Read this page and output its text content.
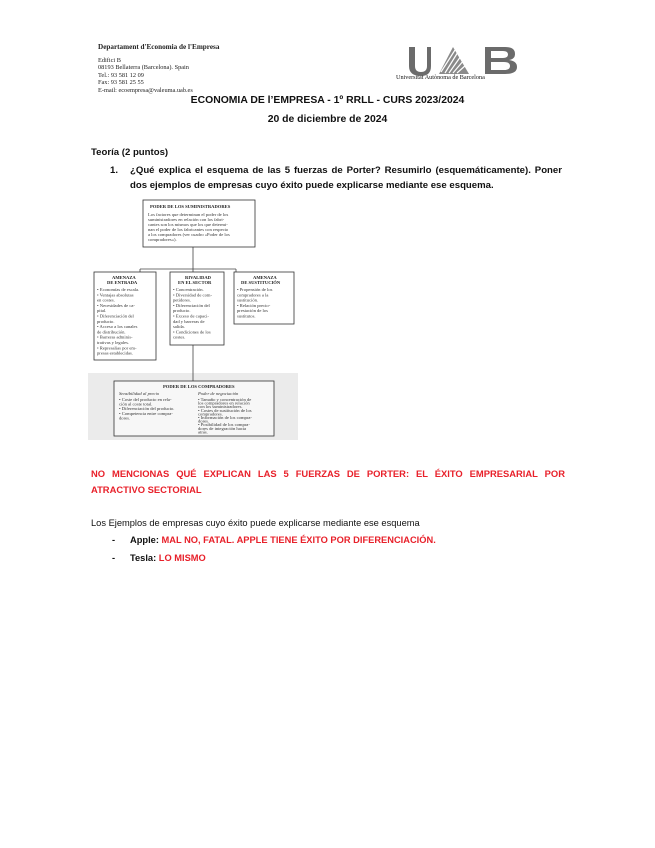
Departament d'Economia de l'Empresa
Edifici B
08193 Bellaterra (Barcelona). Spain
Tel.: 93 581 12 09
Fax: 93 581 25 55
E-mail: ecoempresa@valeuma.uab.es
Universitat Autònoma de Barcelona
ECONOMIA DE l’EMPRESA - 1º RRLL - CURS 2023/2024
20 de diciembre de 2024
Teoría (2 puntos)
1. ¿Qué explica el esquema de las 5 fuerzas de Porter? Resumirlo (esquemáticamente). Poner dos ejemplos de empresas cuyo éxito puede explicarse mediante ese esquema.
PODER DE LOS SUMINISTRADORES
Los factores que determinan el poder de los
suministradores en relación con los fabri-
cantes son los mismos que los que determi-
nan el poder de los fabricantes con respecto
a los compradores (ver cuadro «Poder de los
compradores»).
AMENAZA
DE ENTRADA
• Economías de escala.
• Ventajas absolutas
en costes.
• Necesidades de ca-
pital.
• Diferenciación del
producto.
• Acceso a los canales
de distribución.
• Barreras adminis-
trativas y legales.
• Represalias por em-
presas establecidas.
RIVALIDAD
EN EL SECTOR
• Concentración.
• Diversidad de com-
petidores.
• Diferenciación del
producto.
• Exceso de capaci-
dad y barreras de
salida.
• Condiciones de los
costes.
AMENAZA
DE SUSTITUCIÓN
• Propensión de los
compradores a la
sustitución.
• Relación precio-
prestación de los
sustitutos.
PODER DE LOS COMPRADORES
Sensibilidad al precio	Poder de negociación
• Coste del producto en rela-
ción al coste total.
• Diferenciación del producto.
• Competencia entre compra-
dores.
• Tamaño y concentración de
los compradores en relación
con los suministradores.
• Costes de sustitución de los
compradores.
• Información de los compra-
dores.
• Posibilidad de los compra-
dores de integración hacia
atrás.
NO MENCIONAS QUÉ EXPLICAN LAS 5 FUERZAS DE PORTER: EL ÉXITO EMPRESARIAL POR ATRACTIVO SECTORIAL
Los Ejemplos de empresas cuyo éxito puede explicarse mediante ese esquema
- Apple: MAL NO, FATAL. APPLE TIENE ÉXITO POR DIFERENCIACIÓN.
- Tesla: LO MISMO
